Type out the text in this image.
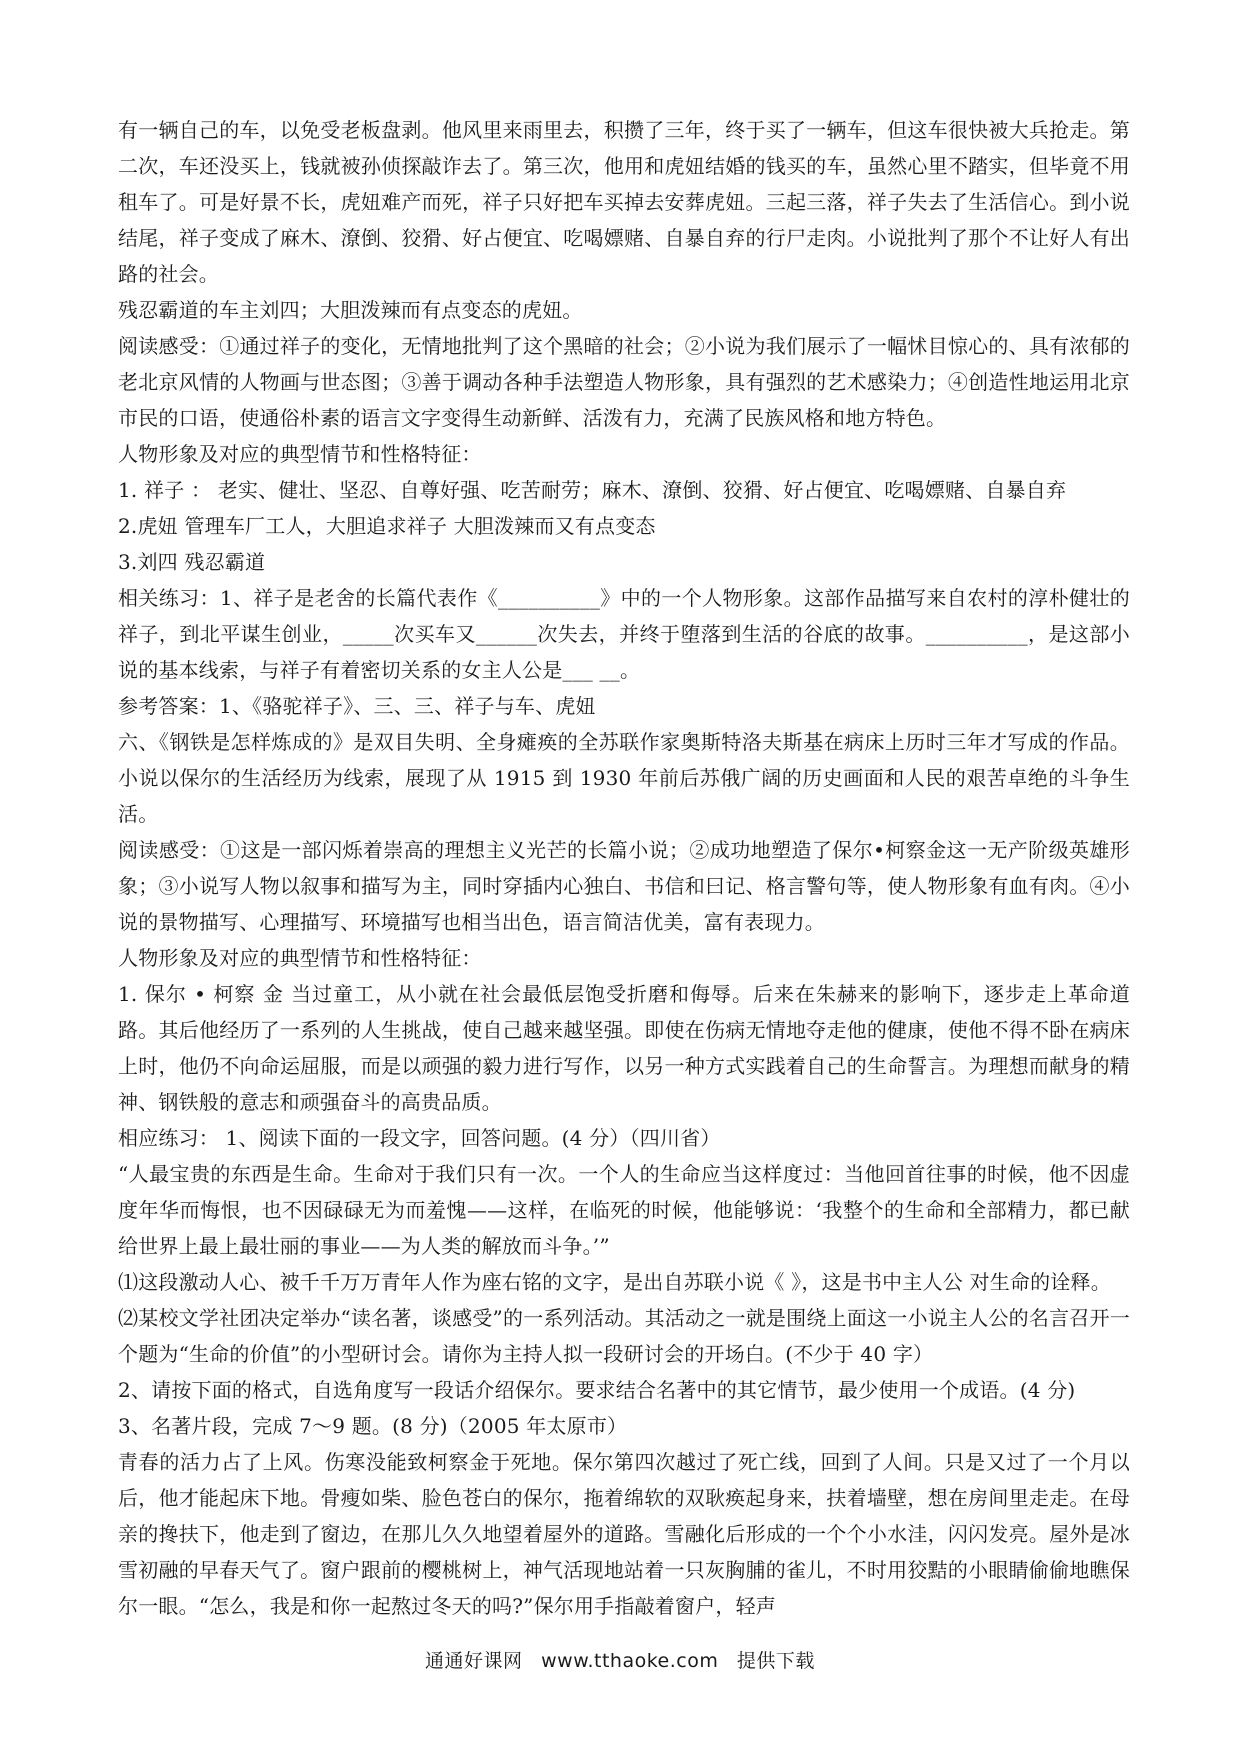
有一辆自己的车，以免受老板盘剥。他风里来雨里去，积攒了三年，终于买了一辆车，但这车很快被大兵抢走。第二次，车还没买上，钱就被孙侦探敲诈去了。第三次，他用和虎妞结婚的钱买的车，虽然心里不踏实，但毕竟不用租车了。可是好景不长，虎妞难产而死，祥子只好把车买掉去安葬虎妞。三起三落，祥子失去了生活信心。到小说结尾，祥子变成了麻木、潦倒、狡猾、好占便宜、吃喝嫖赌、自暴自弃的行尸走肉。小说批判了那个不让好人有出路的社会。

残忍霸道的车主刘四；大胆泼辣而有点变态的虎妞。

阅读感受：①通过祥子的变化，无情地批判了这个黑暗的社会；②小说为我们展示了一幅怵目惊心的、具有浓郁的老北京风情的人物画与世态图；③善于调动各种手法塑造人物形象，具有强烈的艺术感染力；④创造性地运用北京市民的口语，使通俗朴素的语言文字变得生动新鲜、活泼有力，充满了民族风格和地方特色。

人物形象及对应的典型情节和性格特征：

1. 祥子 ： 老实、健壮、坚忍、自尊好强、吃苦耐劳；麻木、潦倒、狡猾、好占便宜、吃喝嫖赌、自暴自弃

2.虎妞 管理车厂工人，大胆追求祥子 大胆泼辣而又有点变态

3.刘四 残忍霸道

相关练习：1、祥子是老舍的长篇代表作《__________》中的一个人物形象。这部作品描写来自农村的淳朴健壮的祥子，到北平谋生创业，_____次买车又______次失去，并终于堕落到生活的谷底的故事。__________，是这部小说的基本线索，与祥子有着密切关系的女主人公是___ __。

参考答案：1、《骆驼祥子》、三、三、祥子与车、虎妞

六、《钢铁是怎样炼成的》是双目失明、全身瘫痪的全苏联作家奥斯特洛夫斯基在病床上历时三年才写成的作品。小说以保尔的生活经历为线索，展现了从 1915 到 1930 年前后苏俄广阔的历史画面和人民的艰苦卓绝的斗争生活。

阅读感受：①这是一部闪烁着崇高的理想主义光芒的长篇小说；②成功地塑造了保尔•柯察金这一无产阶级英雄形象；③小说写人物以叙事和描写为主，同时穿插内心独白、书信和曰记、格言警句等，使人物形象有血有肉。④小说的景物描写、心理描写、环境描写也相当出色，语言简洁优美，富有表现力。

人物形象及对应的典型情节和性格特征：

1. 保尔 • 柯察 金 当过童工，从小就在社会最低层饱受折磨和侮辱。后来在朱赫来的影响下，逐步走上革命道路。其后他经历了一系列的人生挑战，使自己越来越坚强。即使在伤病无情地夺走他的健康，使他不得不卧在病床上时，他仍不向命运屈服，而是以顽强的毅力进行写作，以另一种方式实践着自己的生命誓言。为理想而献身的精神、钢铁般的意志和顽强奋斗的高贵品质。

相应练习： 1、阅读下面的一段文字，回答问题。(4 分）（四川省）

“人最宝贵的东西是生命。生命对于我们只有一次。一个人的生命应当这样度过：当他回首往事的时候，他不因虚度年华而悔恨，也不因碌碌无为而羞愧——这样，在临死的时候，他能够说：‘我整个的生命和全部精力，都已献给世界上最上最壮丽的事业——为人类的解放而斗争。’”

⑴这段激动人心、被千千万万青年人作为座右铭的文字，是出自苏联小说《 》，这是书中主人公 对生命的诠释。

⑵某校文学社团决定举办“读名著，谈感受”的一系列活动。其活动之一就是围绕上面这一小说主人公的名言召开一个题为“生命的价值”的小型研讨会。请你为主持人拟一段研讨会的开场白。(不少于 40 字）

2、请按下面的格式，自选角度写一段话介绍保尔。要求结合名著中的其它情节，最少使用一个成语。(4 分)

3、名著片段，完成 7～9 题。(8 分)（2005 年太原市）

青春的活力占了上风。伤寒没能致柯察金于死地。保尔第四次越过了死亡线，回到了人间。只是又过了一个月以后，他才能起床下地。骨瘦如柴、脸色苍白的保尔，拖着绵软的双耿痪起身来，扶着墙壁，想在房间里走走。在母亲的搀扶下，他走到了窗边，在那儿久久地望着屋外的道路。雪融化后形成的一个个小水洼，闪闪发亮。屋外是冰雪初融的早春天气了。窗户跟前的樱桃树上，神气活现地站着一只灰胸脯的雀儿，不时用狡黠的小眼睛偷偷地瞧保尔一眼。“怎么，我是和你一起熬过冬天的吗?”保尔用手指敲着窗户，轻声

通通好课网 www.tthaoke.com 提供下载
